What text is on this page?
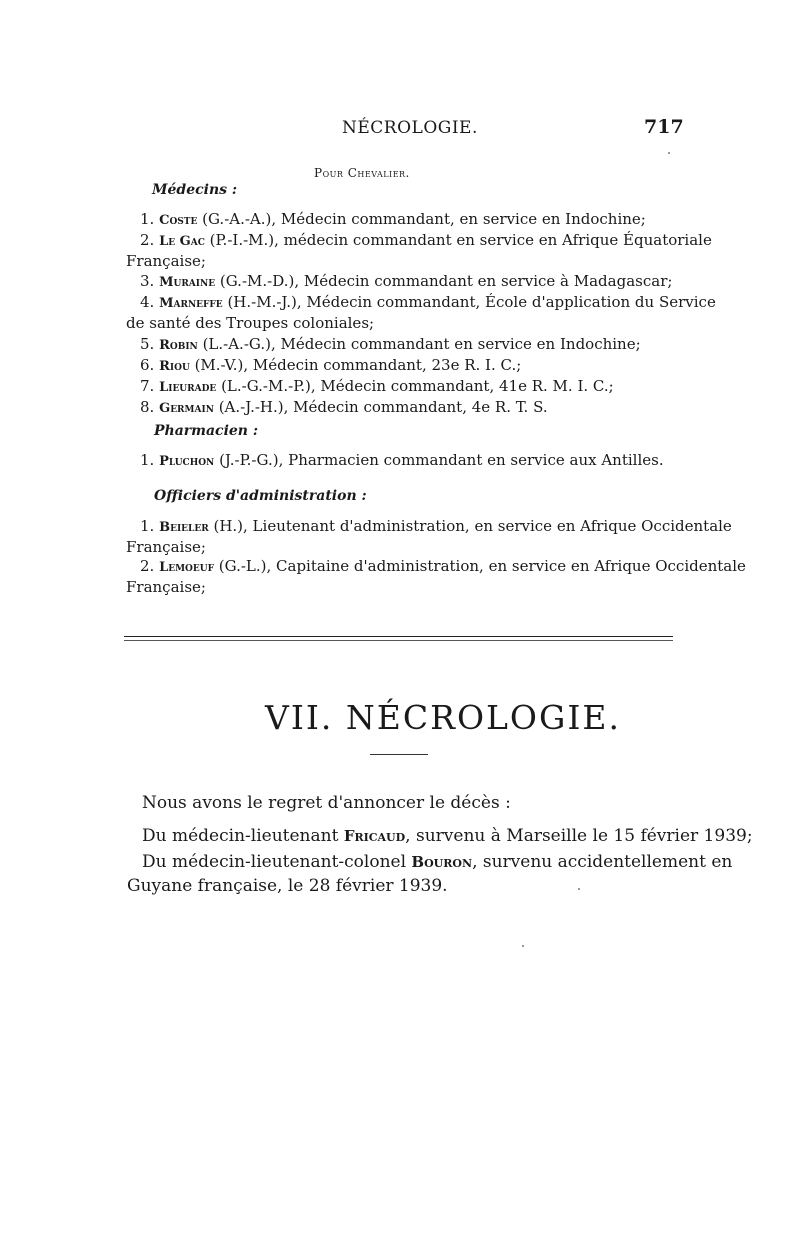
NÉCROLOGIE.	717
Pour Chevalier.
Médecins :
1. Coste (G.-A.-A.), Médecin commandant, en service en Indochine;
2. Le Gac (P.-I.-M.), médecin commandant en service en Afrique Équatoriale
Française;
3. Muraine (G.-M.-D.), Médecin commandant en service à Madagascar;
4. Marneffe (H.-M.-J.), Médecin commandant, École d'application du Service
de santé des Troupes coloniales;
5. Robin (L.-A.-G.), Médecin commandant en service en Indochine;
6. Riou (M.-V.), Médecin commandant, 23e R. I. C.;
7. Lieurade (L.-G.-M.-P.), Médecin commandant, 41e R. M. I. C.;
8. Germain (A.-J.-H.), Médecin commandant, 4e R. T. S.
Pharmacien :
1. Pluchon (J.-P.-G.), Pharmacien commandant en service aux Antilles.
Officiers d'administration :
1. Beieler (H.), Lieutenant d'administration, en service en Afrique Occidentale
Française;
2. Lemoeuf (G.-L.), Capitaine d'administration, en service en Afrique Occidentale
Française;
VII. NÉCROLOGIE.
Nous avons le regret d'annoncer le décès :
Du médecin-lieutenant Fricaud, survenu à Marseille le 15 février 1939;
Du médecin-lieutenant-colonel Bouron, survenu accidentellement en
Guyane française, le 28 février 1939.
